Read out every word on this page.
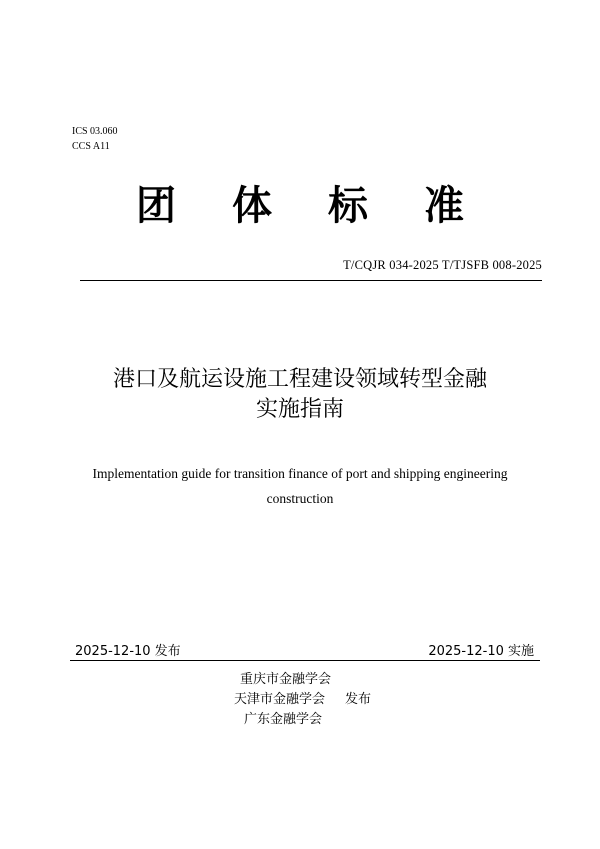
ICS 03.060
CCS A11
团 体 标 准
T/CQJR 034-2025 T/TJSFB 008-2025
港口及航运设施工程建设领域转型金融
实施指南
Implementation guide for transition finance of port and shipping engineering
construction
2025-12-10 发布	2025-12-10 实施
重庆市金融学会
天津市金融学会 发布
广东金融学会
